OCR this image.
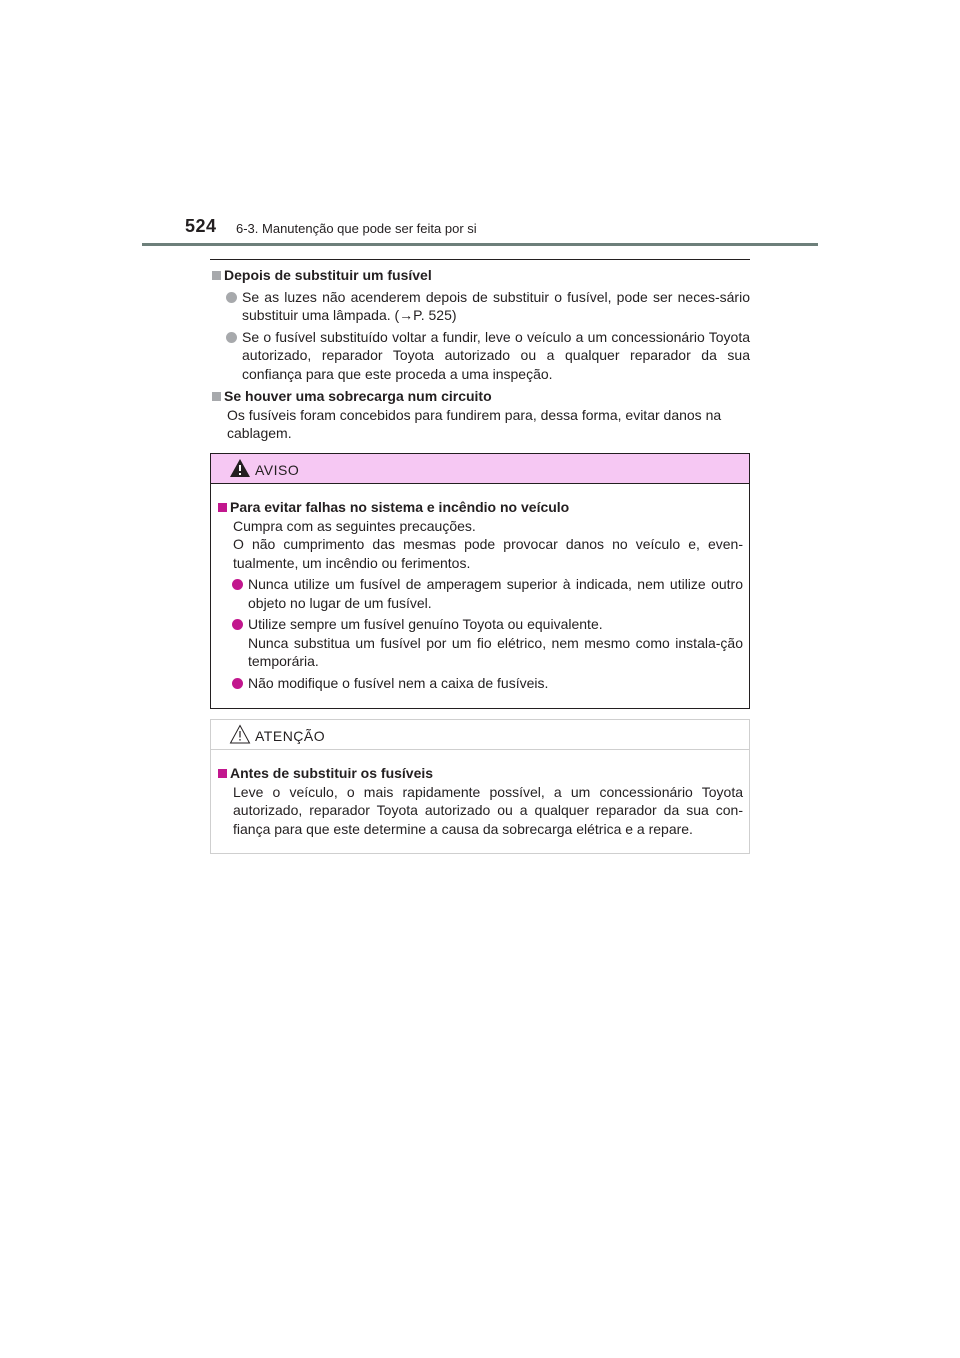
524 6-3. Manutenção que pode ser feita por si

Depois de substituir um fusível

Se as luzes não acenderem depois de substituir o fusível, pode ser neces-sário substituir uma lâmpada. (→P. 525)

Se o fusível substituído voltar a fundir, leve o veículo a um concessionário Toyota autorizado, reparador Toyota autorizado ou a qualquer reparador da sua confiança para que este proceda a uma inspeção.

Se houver uma sobrecarga num circuito

Os fusíveis foram concebidos para fundirem para, dessa forma, evitar danos na cablagem.

AVISO

Para evitar falhas no sistema e incêndio no veículo

Cumpra com as seguintes precauções.

O não cumprimento das mesmas pode provocar danos no veículo e, even-tualmente, um incêndio ou ferimentos.

Nunca utilize um fusível de amperagem superior à indicada, nem utilize outro objeto no lugar de um fusível.

Utilize sempre um fusível genuíno Toyota ou equivalente.
Nunca substitua um fusível por um fio elétrico, nem mesmo como instala-ção temporária.

Não modifique o fusível nem a caixa de fusíveis.

ATENÇÃO

Antes de substituir os fusíveis

Leve o veículo, o mais rapidamente possível, a um concessionário Toyota autorizado, reparador Toyota autorizado ou a qualquer reparador da sua con-fiança para que este determine a causa da sobrecarga elétrica e a repare.
